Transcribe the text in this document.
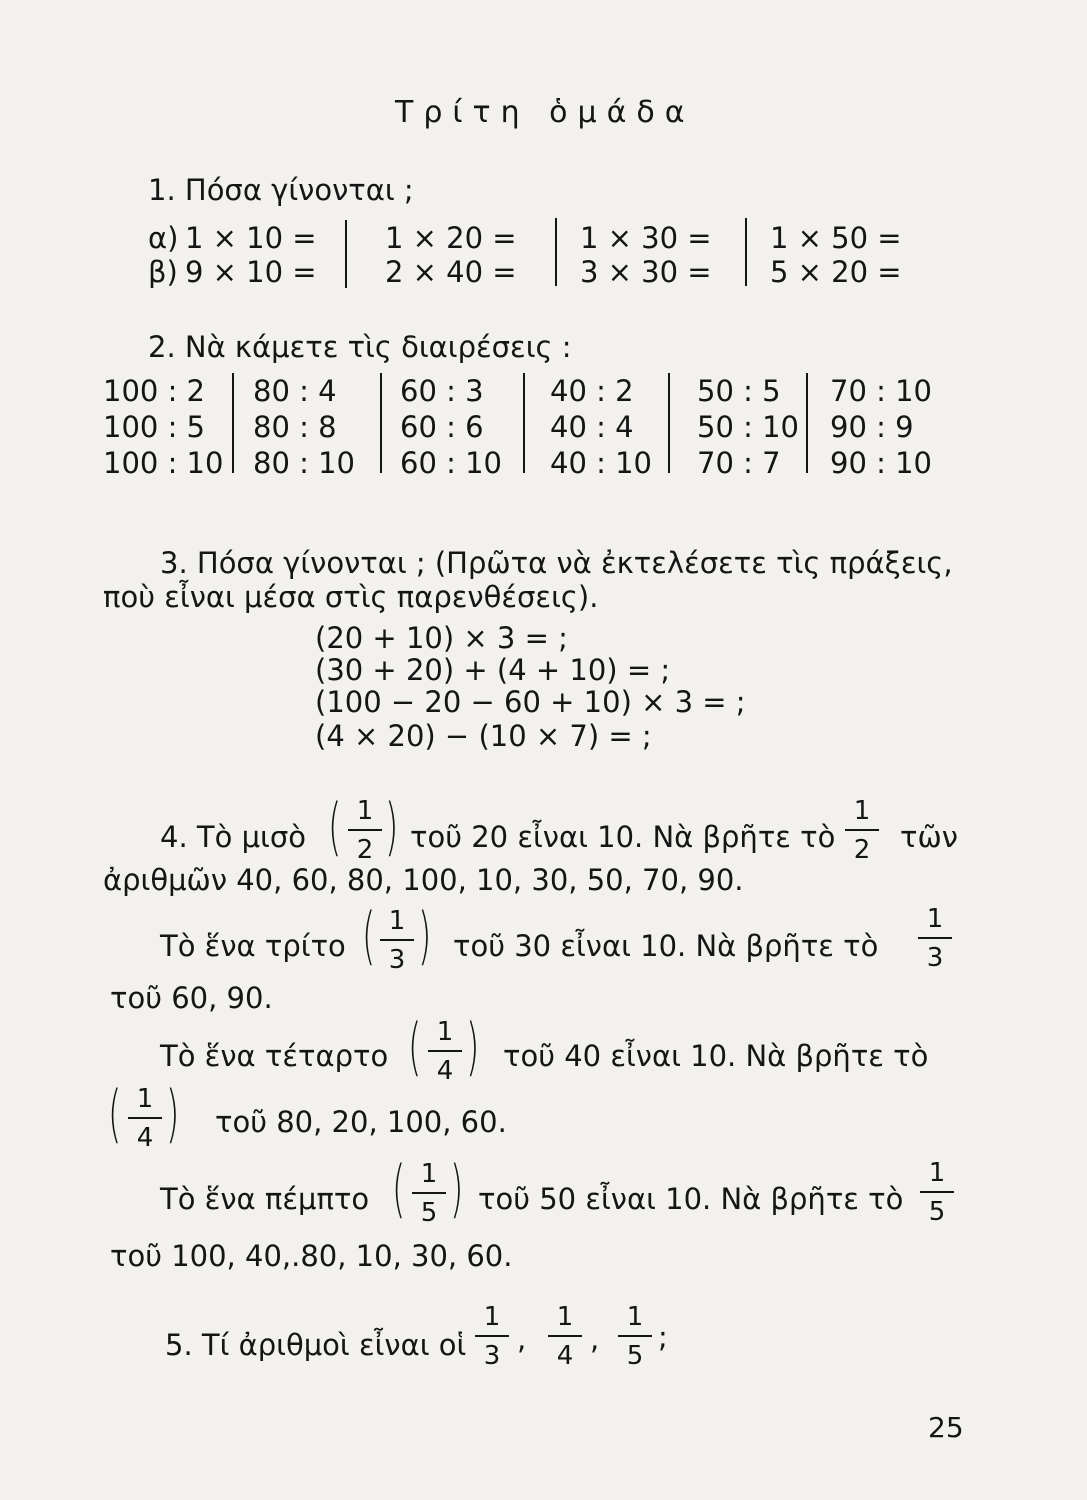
Τρίτη ὁμάδα
1. Πόσα γίνονται ;
α)
β)
1 × 10 =
9 × 10 =
1 × 20 =
2 × 40 =
1 × 30 =
3 × 30 =
1 × 50 =
5 × 20 =
2. Νὰ κάμετε τὶς διαιρέσεις :
100 : 2
100 : 5
100 : 10
80 : 4
80 : 8
80 : 10
60 : 3
60 : 6
60 : 10
40 : 2
40 : 4
40 : 10
50 : 5
50 : 10
70 : 7
70 : 10
90 : 9
90 : 10
3. Πόσα γίνονται ; (Πρῶτα νὰ ἐκτελέσετε τὶς πράξεις,
ποὺ εἶναι μέσα στὶς παρενθέσεις).
(20 + 10) × 3 = ;
(30 + 20) + (4 + 10) = ;
(100 − 20 − 60 + 10) × 3 = ;
(4 × 20) − (10 × 7) = ;
4. Τὸ μισὸ ( 1
2 ) τοῦ 20 εἶναι 10. Νὰ βρῆτε τὸ
1
2	τῶν
ἀριθμῶν 40, 60, 80, 100, 10, 30, 50, 70, 90.
Τὸ ἕνα τρίτο ( 1
3 ) τοῦ 30 εἶναι 10. Νὰ βρῆτε τὸ
1
3
τοῦ 60, 90.
Τὸ ἕνα τέταρτο ( 1
4 ) τοῦ 40 εἶναι 10. Νὰ βρῆτε τὸ
( 1
4 ) τοῦ 80, 20, 100, 60.
Τὸ ἕνα πέμπτο ( 1
5 ) τοῦ 50 εἶναι 10. Νὰ βρῆτε τὸ
1
5
τοῦ 100, 40,.80, 10, 30, 60.
5. Τί ἀριθμοὶ εἶναι οἱ
1
3 ,
1
4 ,
1
5
;
25
